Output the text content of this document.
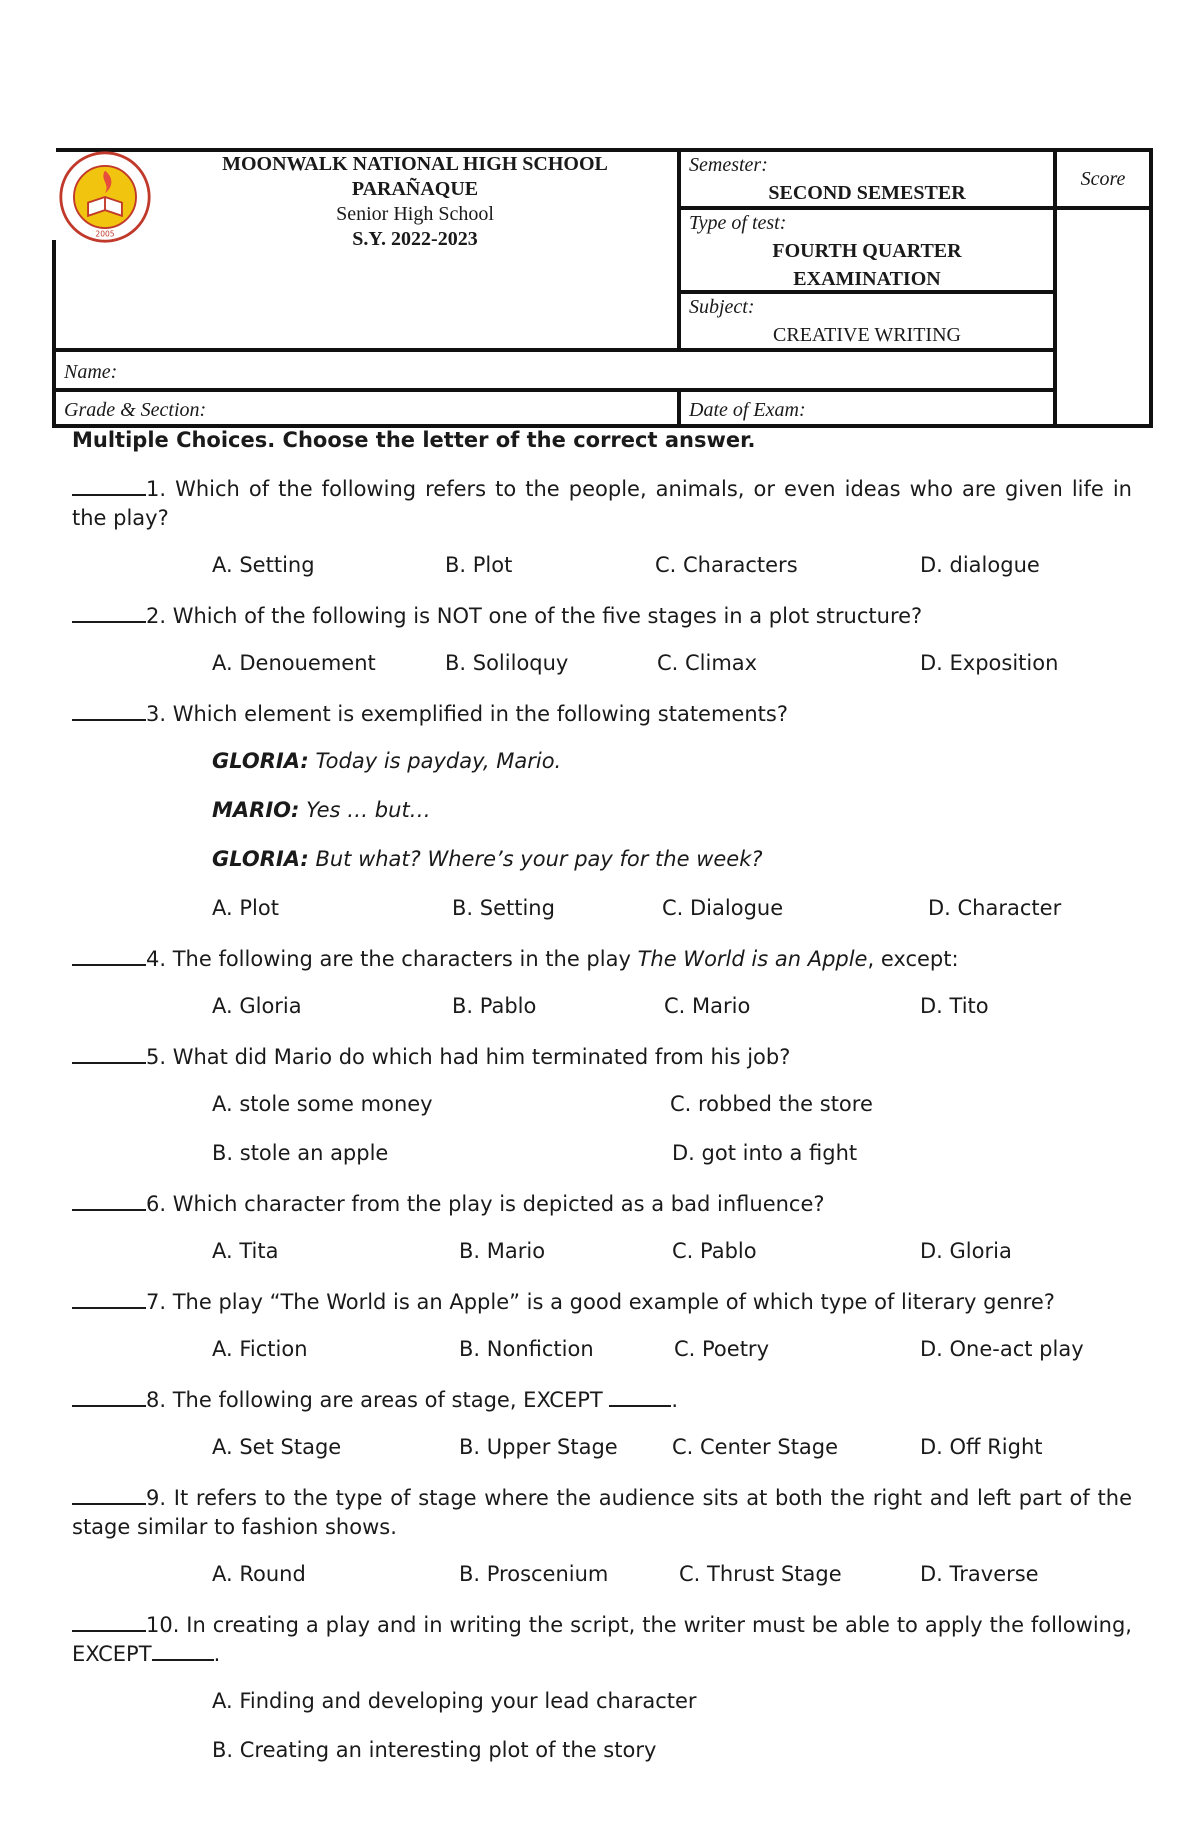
2005
MOONWALK NATIONAL HIGH SCHOOL
PARAÑAQUE
Senior High School
S.Y. 2022-2023
Semester:
SECOND SEMESTER
Type of test:
FOURTH QUARTER
EXAMINATION
Subject:
CREATIVE WRITING
Score
Name:
Grade & Section:	Date of Exam:
Multiple Choices. Choose the letter of the correct answer.
1. Which of the following refers to the people, animals, or even ideas who are given life in the play?
A. Setting	B. Plot	C. Characters	D. dialogue
2. Which of the following is NOT one of the five stages in a plot structure?
A. Denouement	B. Soliloquy	C. Climax	D. Exposition
3. Which element is exemplified in the following statements?
GLORIA: Today is payday, Mario.
MARIO: Yes … but…
GLORIA: But what? Where’s your pay for the week?
A. Plot	B. Setting	C. Dialogue	D. Character
4. The following are the characters in the play The World is an Apple, except:
A. Gloria	B. Pablo	C. Mario	D. Tito
5. What did Mario do which had him terminated from his job?
A. stole some money	C. robbed the store
B. stole an apple	D. got into a fight
6. Which character from the play is depicted as a bad influence?
A. Tita	B. Mario	C. Pablo	D. Gloria
7. The play “The World is an Apple” is a good example of which type of literary genre?
A. Fiction	B. Nonfiction	C. Poetry	D. One-act play
8. The following are areas of stage, EXCEPT	.
A. Set Stage	B. Upper Stage	C. Center Stage	D. Off Right
9. It refers to the type of stage where the audience sits at both the right and left part of the stage similar to fashion shows.
A. Round	B. Proscenium	C. Thrust Stage	D. Traverse
10. In creating a play and in writing the script, the writer must be able to apply the following, EXCEPT	.
A. Finding and developing your lead character
B. Creating an interesting plot of the story
